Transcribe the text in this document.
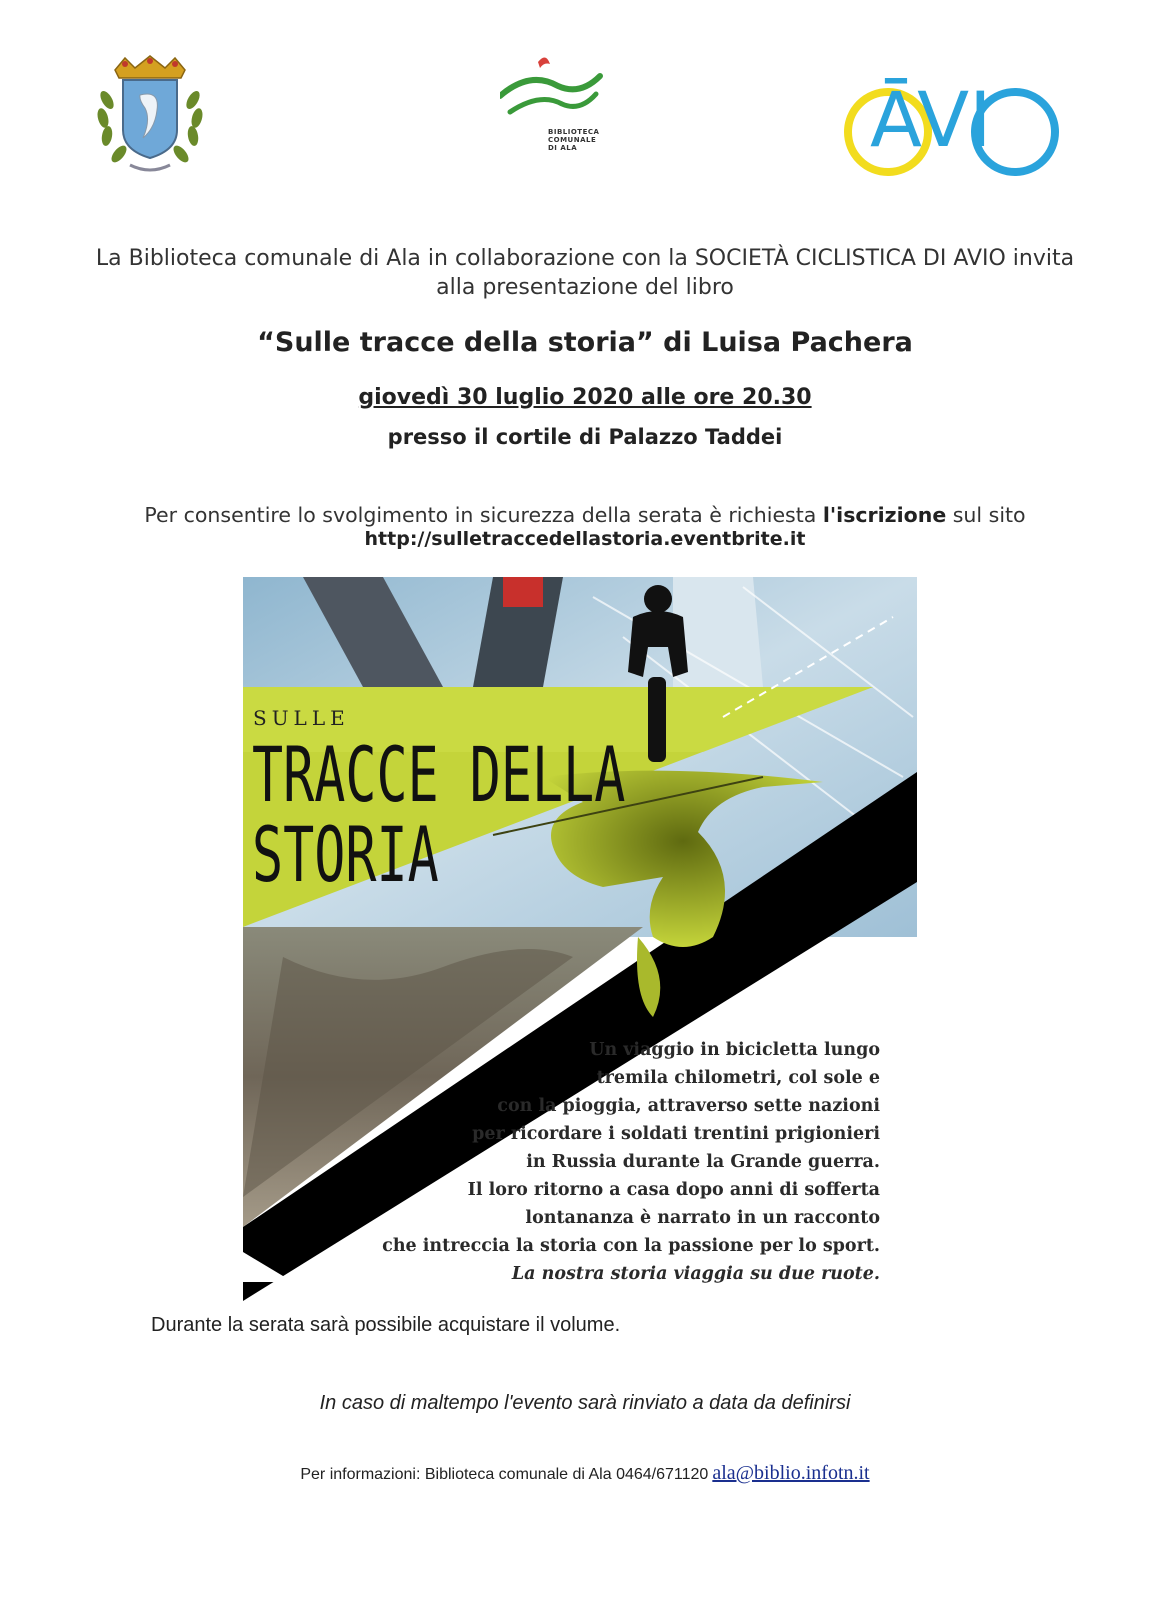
BIBLIOTECA
COMUNALE
DI ALA	ĀVI
La Biblioteca comunale di Ala in collaborazione con la SOCIETÀ CICLISTICA DI AVIO invita
alla presentazione del libro
“Sulle tracce della storia” di Luisa Pachera
giovedì 30 luglio 2020 alle ore 20.30
presso il cortile di Palazzo Taddei
Per consentire lo svolgimento in sicurezza della serata è richiesta l'iscrizione sul sito
http://sulletraccedellastoria.eventbrite.it
SULLE
TRACCE DELLA
STORIA
Un viaggio in bicicletta lungo
tremila chilometri, col sole e
con la pioggia, attraverso sette nazioni
per ricordare i soldati trentini prigionieri
in Russia durante la Grande guerra.
Il loro ritorno a casa dopo anni di sofferta
lontananza è narrato in un racconto
che intreccia la storia con la passione per lo sport.
La nostra storia viaggia su due ruote.
Durante la serata sarà possibile acquistare il volume.
In caso di maltempo l'evento sarà rinviato a data da definirsi
Per informazioni: Biblioteca comunale di Ala 0464/671120 ala@biblio.infotn.it
